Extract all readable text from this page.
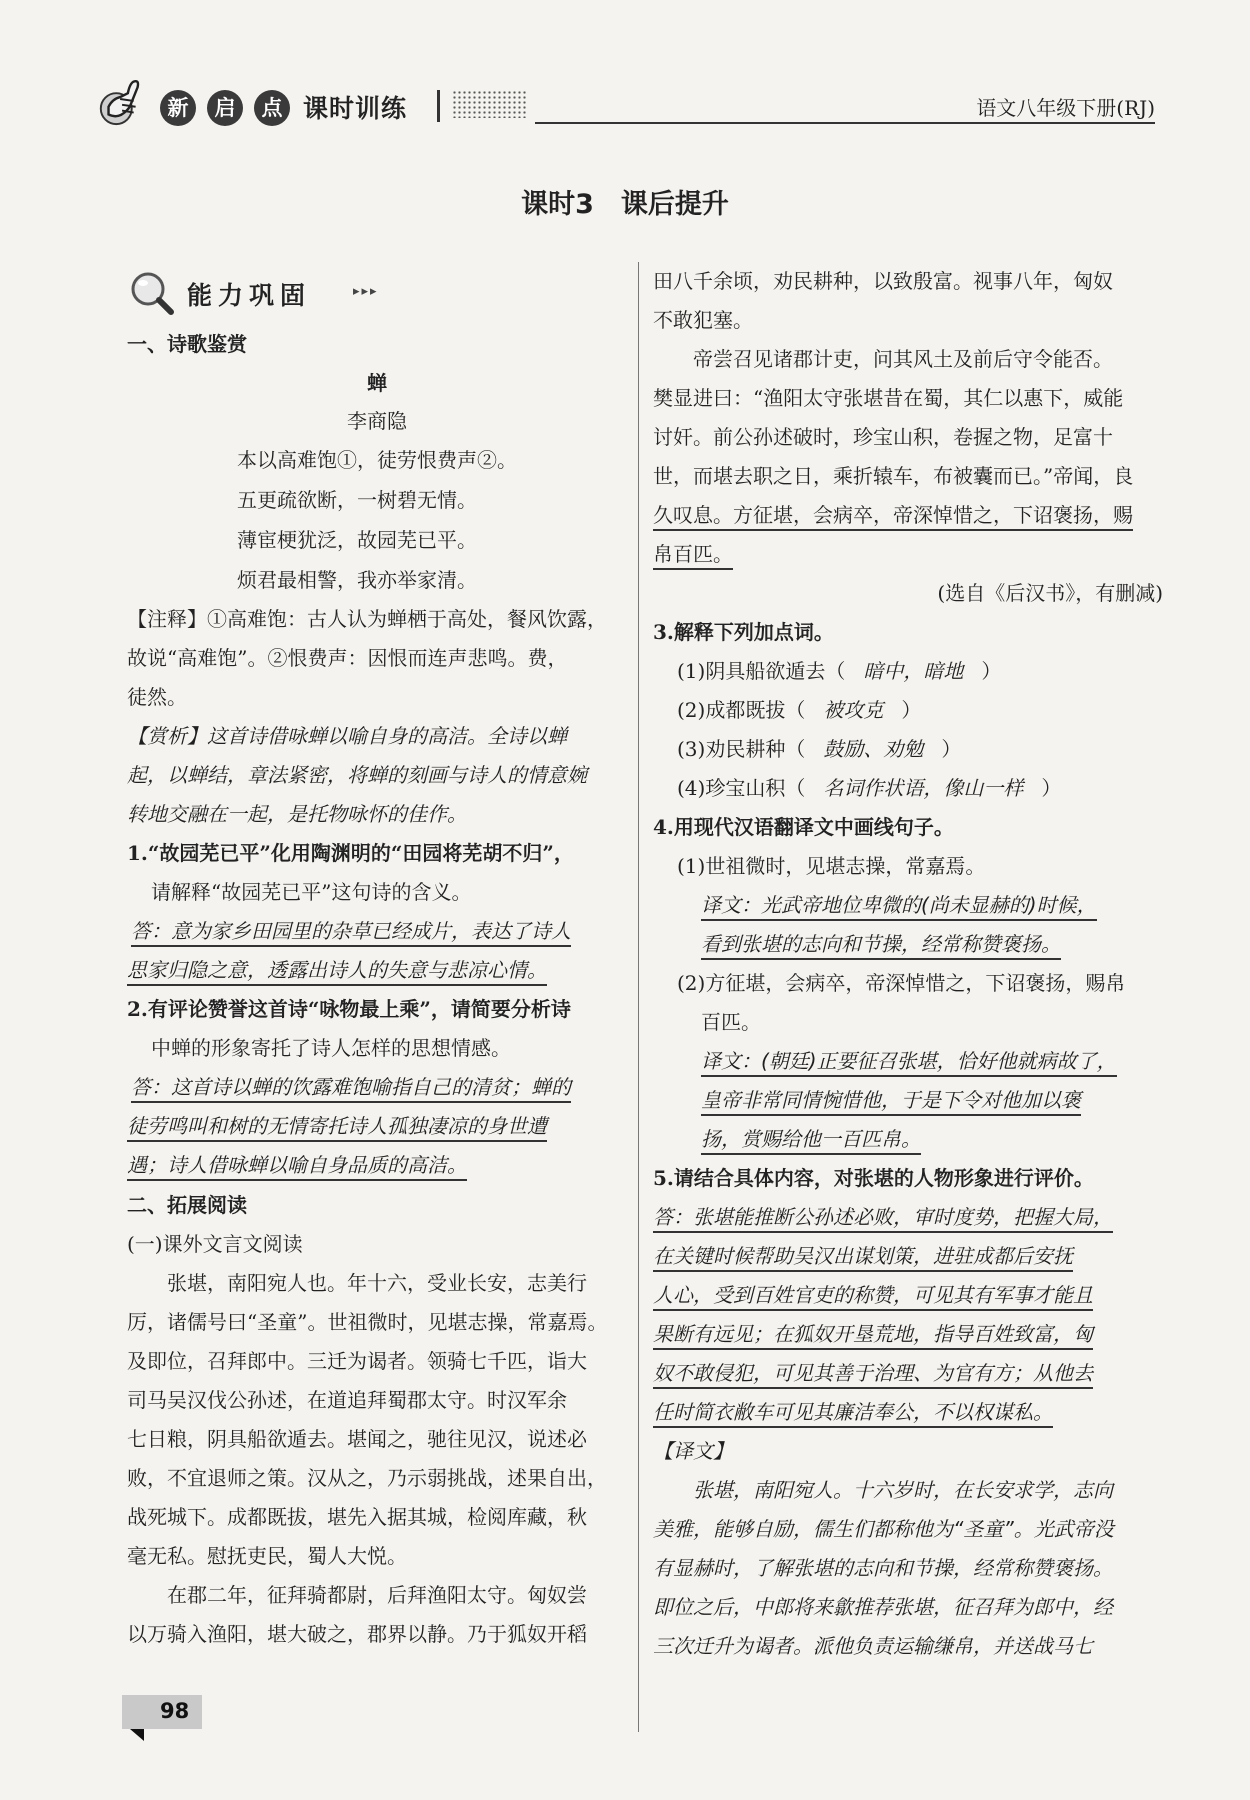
新	启	点 课时训练	语文八年级下册(RJ)
课时3　课后提升
能力巩固	▸▸▸
一、诗歌鉴赏
蝉
李商隐
本以高难饱①，徒劳恨费声②。
五更疏欲断，一树碧无情。
薄宦梗犹泛，故园芜已平。
烦君最相警，我亦举家清。
【注释】①高难饱：古人认为蝉栖于高处，餐风饮露，
故说“高难饱”。②恨费声：因恨而连声悲鸣。费，
徒然。
【赏析】这首诗借咏蝉以喻自身的高洁。全诗以蝉
起，以蝉结，章法紧密，将蝉的刻画与诗人的情意婉
转地交融在一起，是托物咏怀的佳作。
1.“故园芜已平”化用陶渊明的“田园将芜胡不归”，
请解释“故园芜已平”这句诗的含义。
答：意为家乡田园里的杂草已经成片，表达了诗人
思家归隐之意，透露出诗人的失意与悲凉心情。
2.有评论赞誉这首诗“咏物最上乘”，请简要分析诗
中蝉的形象寄托了诗人怎样的思想情感。
答：这首诗以蝉的饮露难饱喻指自己的清贫；蝉的
徒劳鸣叫和树的无情寄托诗人孤独凄凉的身世遭
遇；诗人借咏蝉以喻自身品质的高洁。
二、拓展阅读
(一)课外文言文阅读
张堪，南阳宛人也。年十六，受业长安，志美行
厉，诸儒号曰“圣童”。世祖微时，见堪志操，常嘉焉。
及即位，召拜郎中。三迁为谒者。领骑七千匹，诣大
司马吴汉伐公孙述，在道追拜蜀郡太守。时汉军余
七日粮，阴具船欲遁去。堪闻之，驰往见汉，说述必
败，不宜退师之策。汉从之，乃示弱挑战，述果自出，
战死城下。成都既拔，堪先入据其城，检阅库藏，秋
毫无私。慰抚吏民，蜀人大悦。
在郡二年，征拜骑都尉，后拜渔阳太守。匈奴尝
以万骑入渔阳，堪大破之，郡界以静。乃于狐奴开稻
田八千余顷，劝民耕种，以致殷富。视事八年，匈奴
不敢犯塞。
帝尝召见诸郡计吏，问其风土及前后守令能否。
樊显进曰：“渔阳太守张堪昔在蜀，其仁以惠下，威能
讨奸。前公孙述破时，珍宝山积，卷握之物，足富十
世，而堪去职之日，乘折辕车，布被囊而已。”帝闻，良
久叹息。方征堪，会病卒，帝深悼惜之，下诏褒扬，赐
帛百匹。
(选自《后汉书》，有删减)
3.解释下列加点词。
(1)阴具船欲遁去（ 暗中，暗地 ）
(2)成都既拔（ 被攻克 ）
(3)劝民耕种（ 鼓励、劝勉 ）
(4)珍宝山积（ 名词作状语，像山一样 ）
4.用现代汉语翻译文中画线句子。
(1)世祖微时，见堪志操，常嘉焉。
译文：光武帝地位卑微的(尚未显赫的)时候，
看到张堪的志向和节操，经常称赞褒扬。
(2)方征堪，会病卒，帝深悼惜之，下诏褒扬，赐帛
百匹。
译文：(朝廷)正要征召张堪，恰好他就病故了，
皇帝非常同情惋惜他，于是下令对他加以褒
扬，赏赐给他一百匹帛。
5.请结合具体内容，对张堪的人物形象进行评价。
答：张堪能推断公孙述必败，审时度势，把握大局，
在关键时候帮助吴汉出谋划策，进驻成都后安抚
人心，受到百姓官吏的称赞，可见其有军事才能且
果断有远见；在狐奴开垦荒地，指导百姓致富，匈
奴不敢侵犯，可见其善于治理、为官有方；从他去
任时简衣敝车可见其廉洁奉公，不以权谋私。
【译文】
张堪，南阳宛人。十六岁时，在长安求学，志向
美雅，能够自励，儒生们都称他为“圣童”。光武帝没
有显赫时，了解张堪的志向和节操，经常称赞褒扬。
即位之后，中郎将来歙推荐张堪，征召拜为郎中，经
三次迁升为谒者。派他负责运输缣帛，并送战马七
98
